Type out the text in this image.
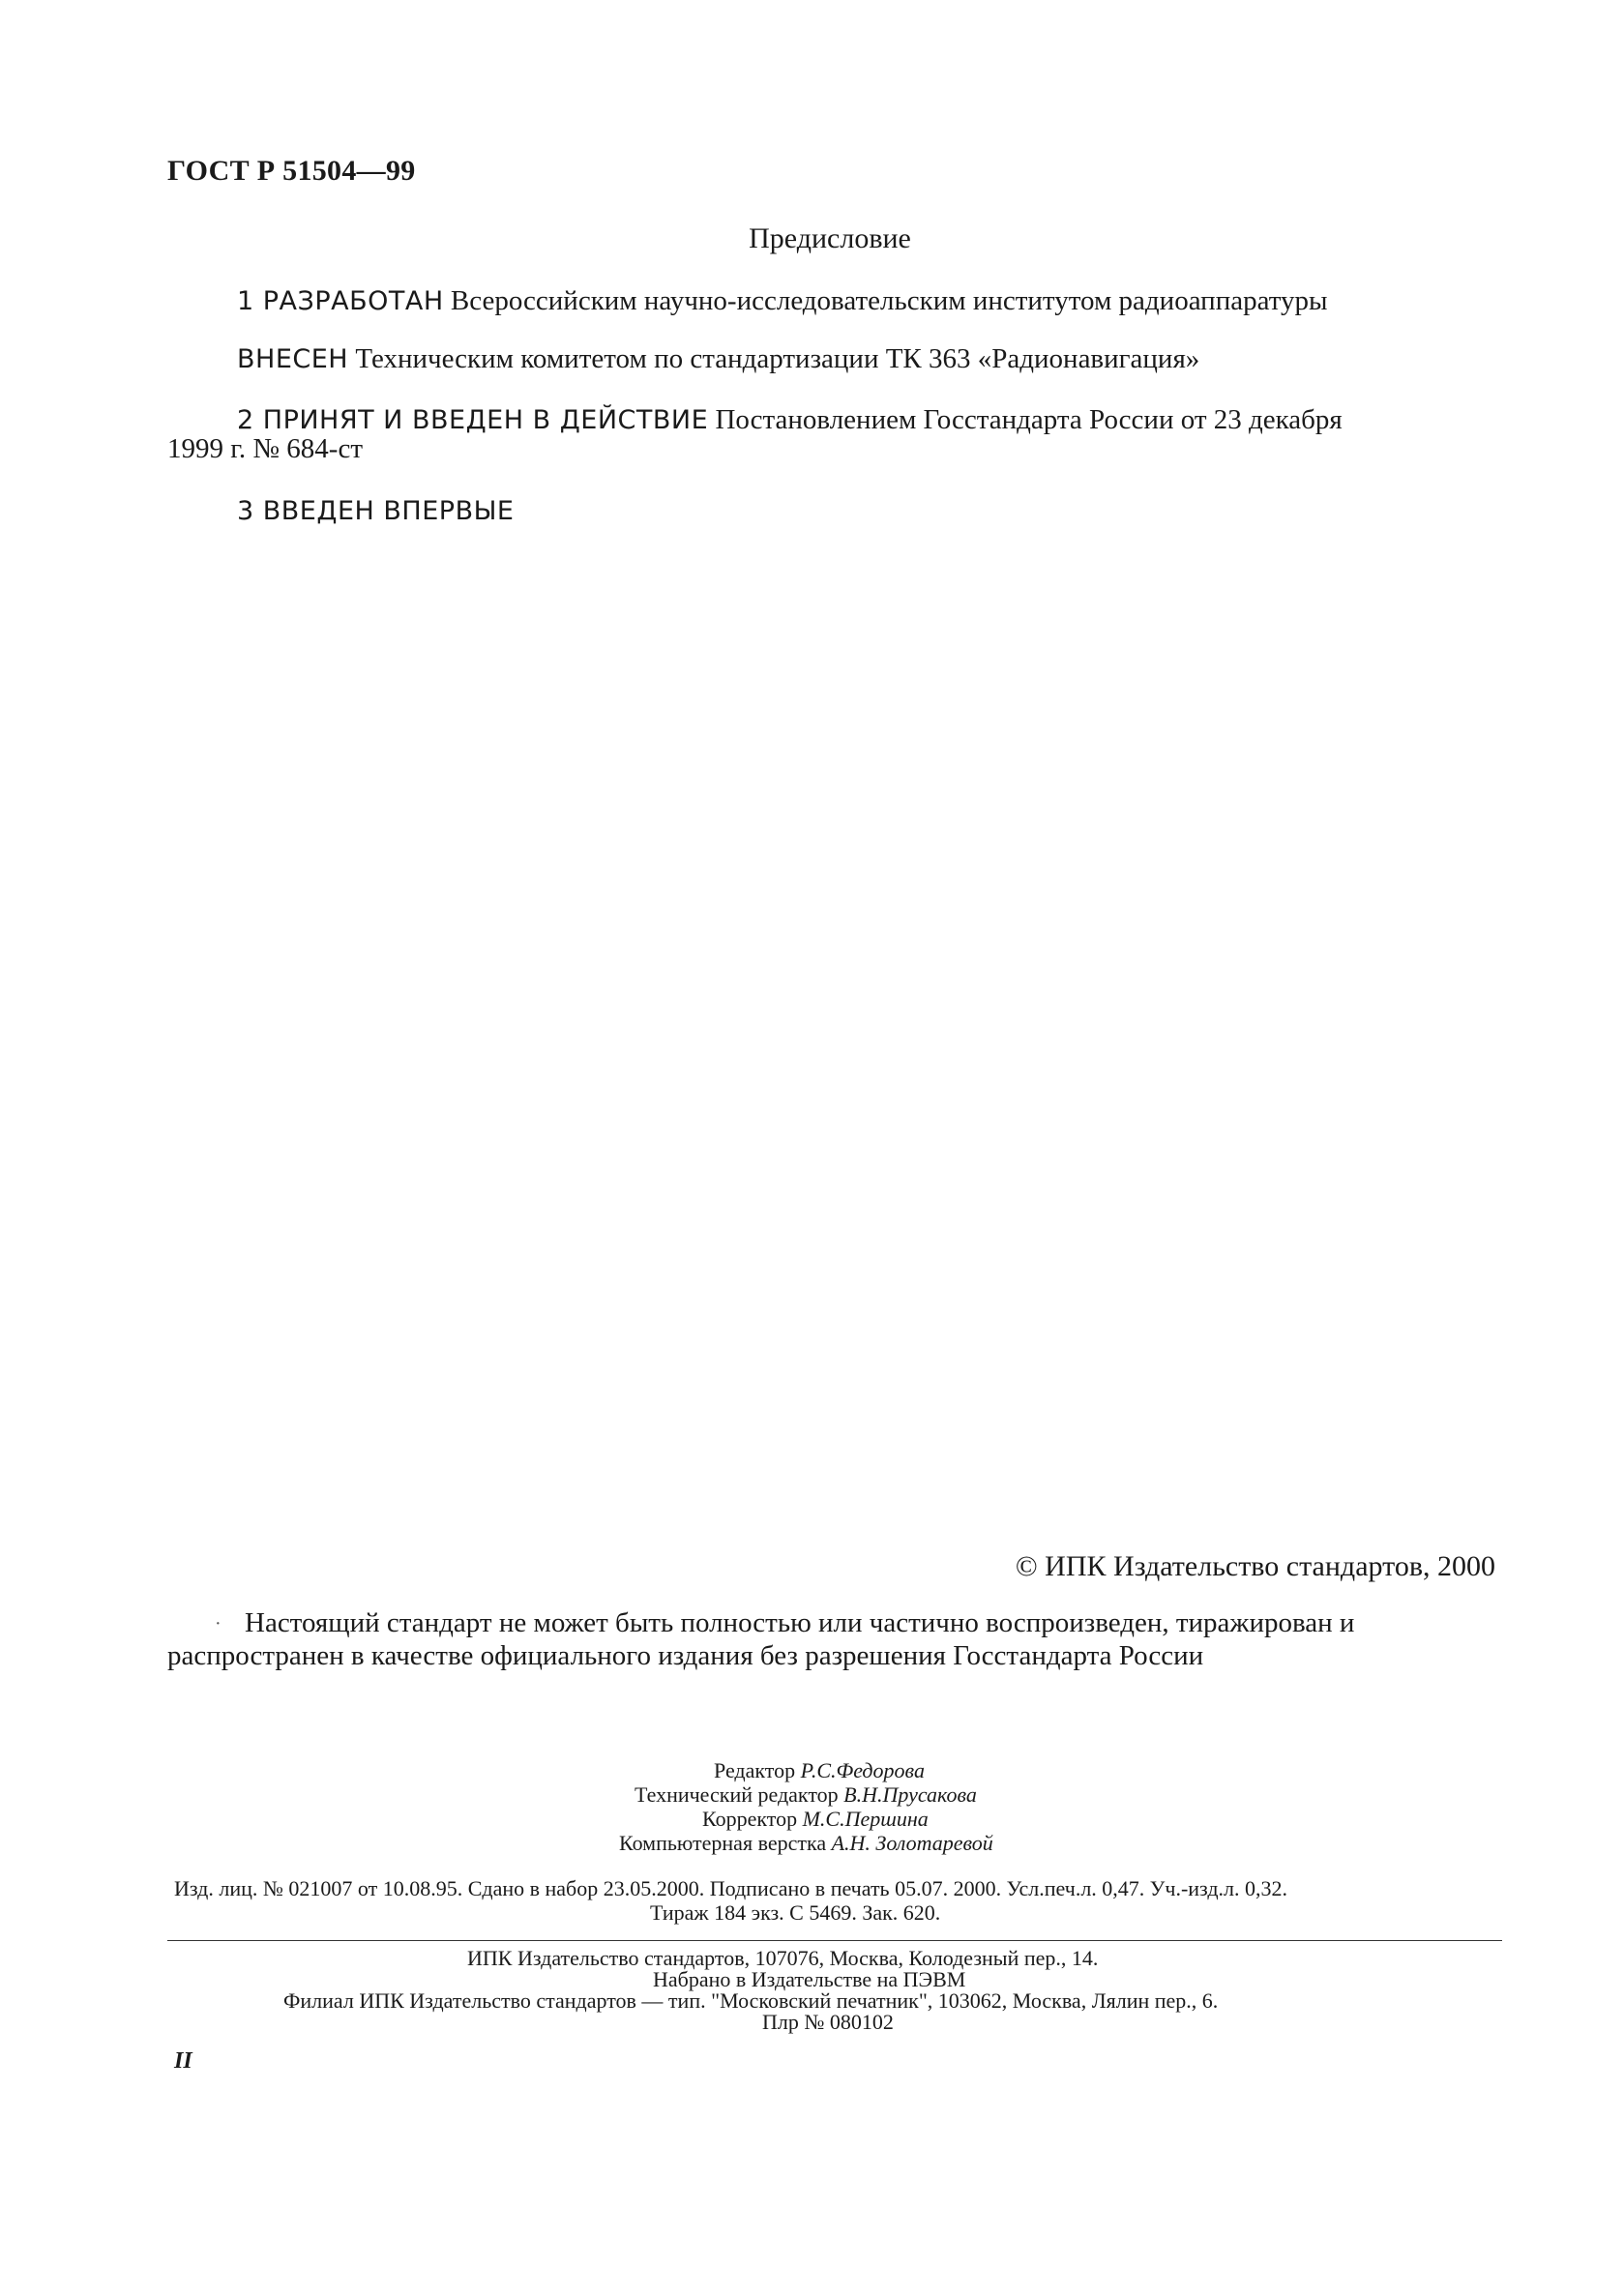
ГОСТ Р 51504—99
Предисловие
1 РАЗРАБОТАН Всероссийским научно-исследовательским институтом радиоаппаратуры
ВНЕСЕН Техническим комитетом по стандартизации ТК 363 «Радионавигация»
2 ПРИНЯТ И ВВЕДЕН В ДЕЙСТВИЕ Постановлением Госстандарта России от 23 декабря
1999 г. № 684-ст
3 ВВЕДЕН ВПЕРВЫЕ
© ИПК Издательство стандартов, 2000
· Настоящий стандарт не может быть полностью или частично воспроизведен, тиражирован и
распространен в качестве официального издания без разрешения Госстандарта России
Редактор Р.С.Федорова
Технический редактор В.Н.Прусакова
Корректор М.С.Першина
Компьютерная верстка А.Н. Золотаревой
Изд. лиц. № 021007 от 10.08.95. Сдано в набор 23.05.2000. Подписано в печать 05.07. 2000. Усл.печ.л. 0,47. Уч.-изд.л. 0,32.
Тираж 184 экз. С 5469. Зак. 620.
ИПК Издательство стандартов, 107076, Москва, Колодезный пер., 14.
Набрано в Издательстве на ПЭВМ
Филиал ИПК Издательство стандартов — тип. "Московский печатник", 103062, Москва, Лялин пер., 6.
Плр № 080102
II
